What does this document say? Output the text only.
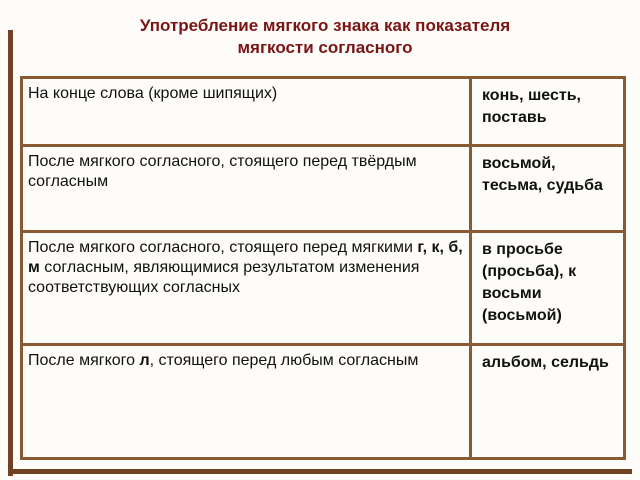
Употребление мягкого знака как показателя
мягкости согласного
На конце слова (кроме шипящих)	конь, шесть, поставь
После мягкого согласного, стоящего перед твёрдым согласным
восьмой, тесьма, судьба
После мягкого согласного, стоящего перед мягкими г, к, б, м согласным, являющимися результатом изменения соответствующих согласных
в просьбе (просьба), к восьми (восьмой)
После мягкого л, стоящего перед любым согласным	альбом, сельдь
